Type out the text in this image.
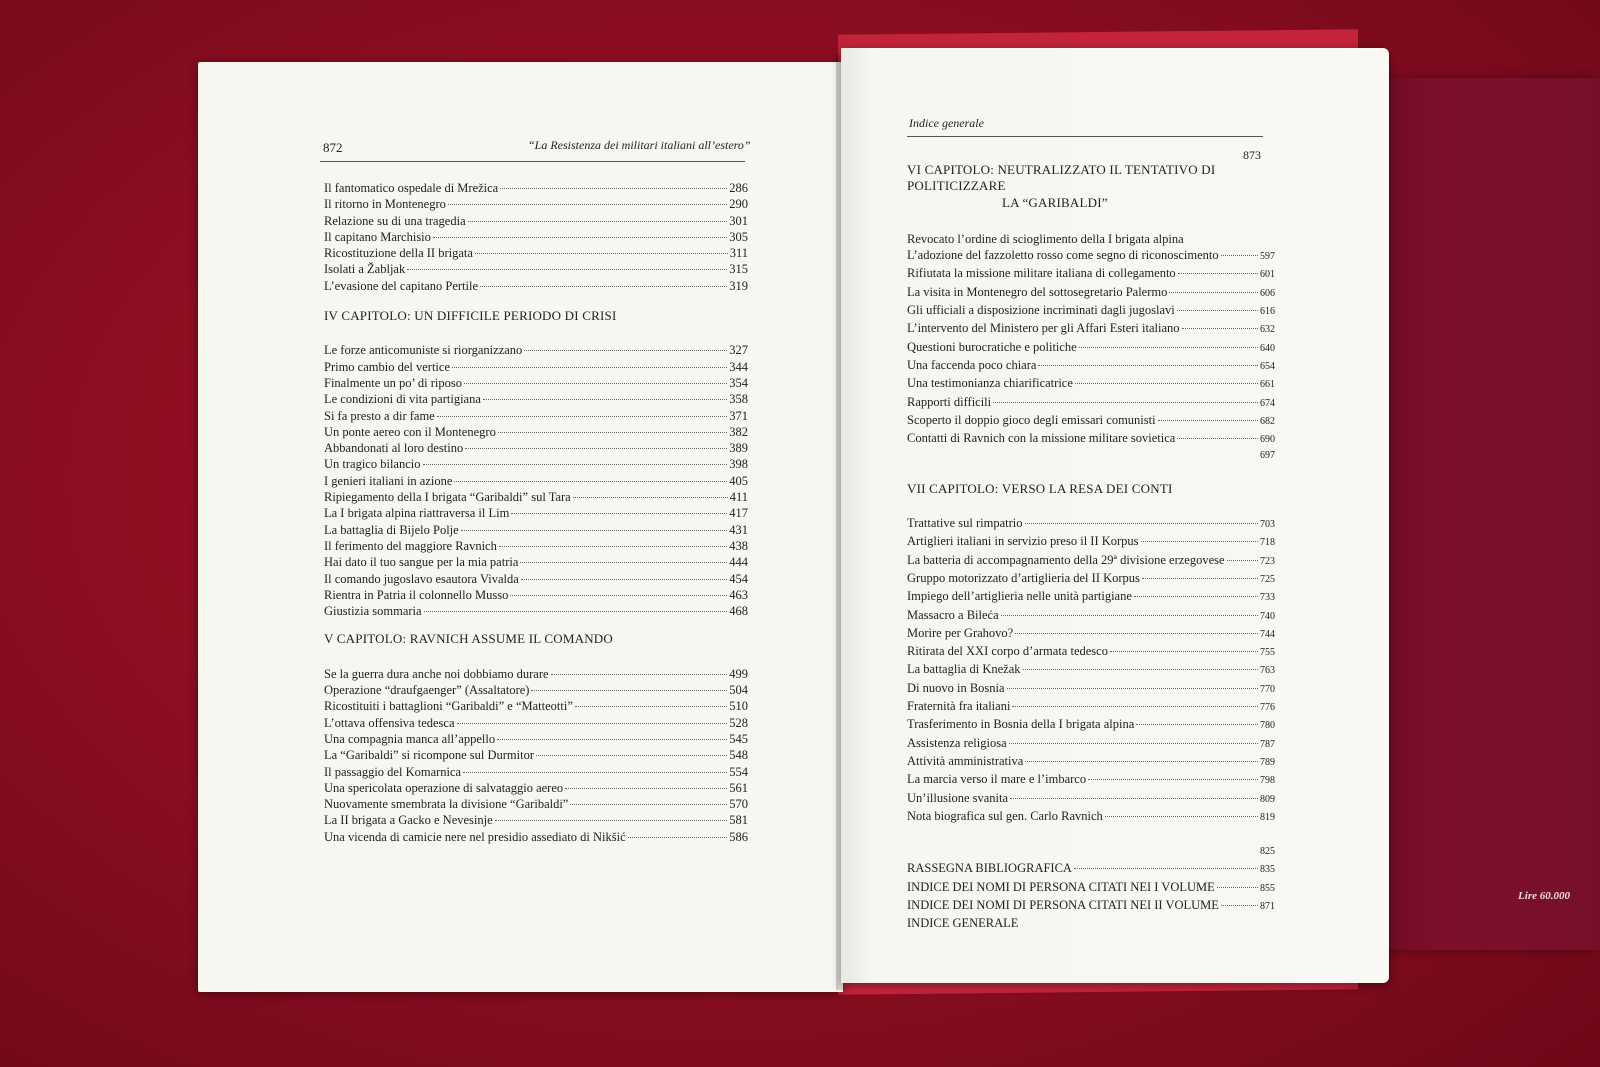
Lire 60.000
872	“La Resistenza dei militari italiani all’estero”
Il fantomatico ospedale di Mrežica	286
Il ritorno in Montenegro	290
Relazione su di una tragedia	301
Il capitano Marchisio	305
Ricostituzione della II brigata	311
Isolati a Žabljak	315
L’evasione del capitano Pertile	319
IV CAPITOLO: UN DIFFICILE PERIODO DI CRISI
Le forze anticomuniste si riorganizzano	327
Primo cambio del vertice	344
Finalmente un po’ di riposo	354
Le condizioni di vita partigiana	358
Si fa presto a dir fame	371
Un ponte aereo con il Montenegro	382
Abbandonati al loro destino	389
Un tragico bilancio	398
I genieri italiani in azione	405
Ripiegamento della I brigata “Garibaldi” sul Tara	411
La I brigata alpina riattraversa il Lim	417
La battaglia di Bijelo Polje	431
Il ferimento del maggiore Ravnich	438
Hai dato il tuo sangue per la mia patria	444
Il comando jugoslavo esautora Vivalda	454
Rientra in Patria il colonnello Musso	463
Giustizia sommaria	468
V CAPITOLO: RAVNICH ASSUME IL COMANDO
Se la guerra dura anche noi dobbiamo durare	499
Operazione “draufgaenger” (Assaltatore)	504
Ricostituiti i battaglioni “Garibaldi” e “Matteotti”	510
L’ottava offensiva tedesca	528
Una compagnia manca all’appello	545
La “Garibaldi” si ricompone sul Durmitor	548
Il passaggio del Komarnica	554
Una spericolata operazione di salvataggio aereo	561
Nuovamente smembrata la divisione “Garibaldi”	570
La II brigata a Gacko e Nevesinje	581
Una vicenda di camicie nere nel presidio assediato di Nikšić	586
Indice generale
873
VI CAPITOLO: NEUTRALIZZATO IL TENTATIVO DI POLITICIZZARE
LA “GARIBALDI”
Revocato l’ordine di scioglimento della I brigata alpina
L’adozione del fazzoletto rosso come segno di riconoscimento	597
Rifiutata la missione militare italiana di collegamento	601
La visita in Montenegro del sottosegretario Palermo	606
Gli ufficiali a disposizione incriminati dagli jugoslavi	616
L’intervento del Ministero per gli Affari Esteri italiano	632
Questioni burocratiche e politiche	640
Una faccenda poco chiara	654
Una testimonianza chiarificatrice	661
Rapporti difficili	674
Scoperto il doppio gioco degli emissari comunisti	682
Contatti di Ravnich con la missione militare sovietica	690
697
VII CAPITOLO: VERSO LA RESA DEI CONTI
Trattative sul rimpatrio	703
Artiglieri italiani in servizio preso il II Korpus	718
La batteria di accompagnamento della 29ª divisione erzegovese	723
Gruppo motorizzato d’artiglieria del II Korpus	725
Impiego dell’artiglieria nelle unità partigiane	733
Massacro a Bileća	740
Morire per Grahovo?	744
Ritirata del XXI corpo d’armata tedesco	755
La battaglia di Knežak	763
Di nuovo in Bosnia	770
Fraternità fra italiani	776
Trasferimento in Bosnia della I brigata alpina	780
Assistenza religiosa	787
Attività amministrativa	789
La marcia verso il mare e l’imbarco	798
Un’illusione svanita	809
Nota biografica sul gen. Carlo Ravnich	819
825
RASSEGNA BIBLIOGRAFICA	835
INDICE DEI NOMI DI PERSONA CITATI NEI I VOLUME	855
INDICE DEI NOMI DI PERSONA CITATI NEI II VOLUME	871
INDICE GENERALE
